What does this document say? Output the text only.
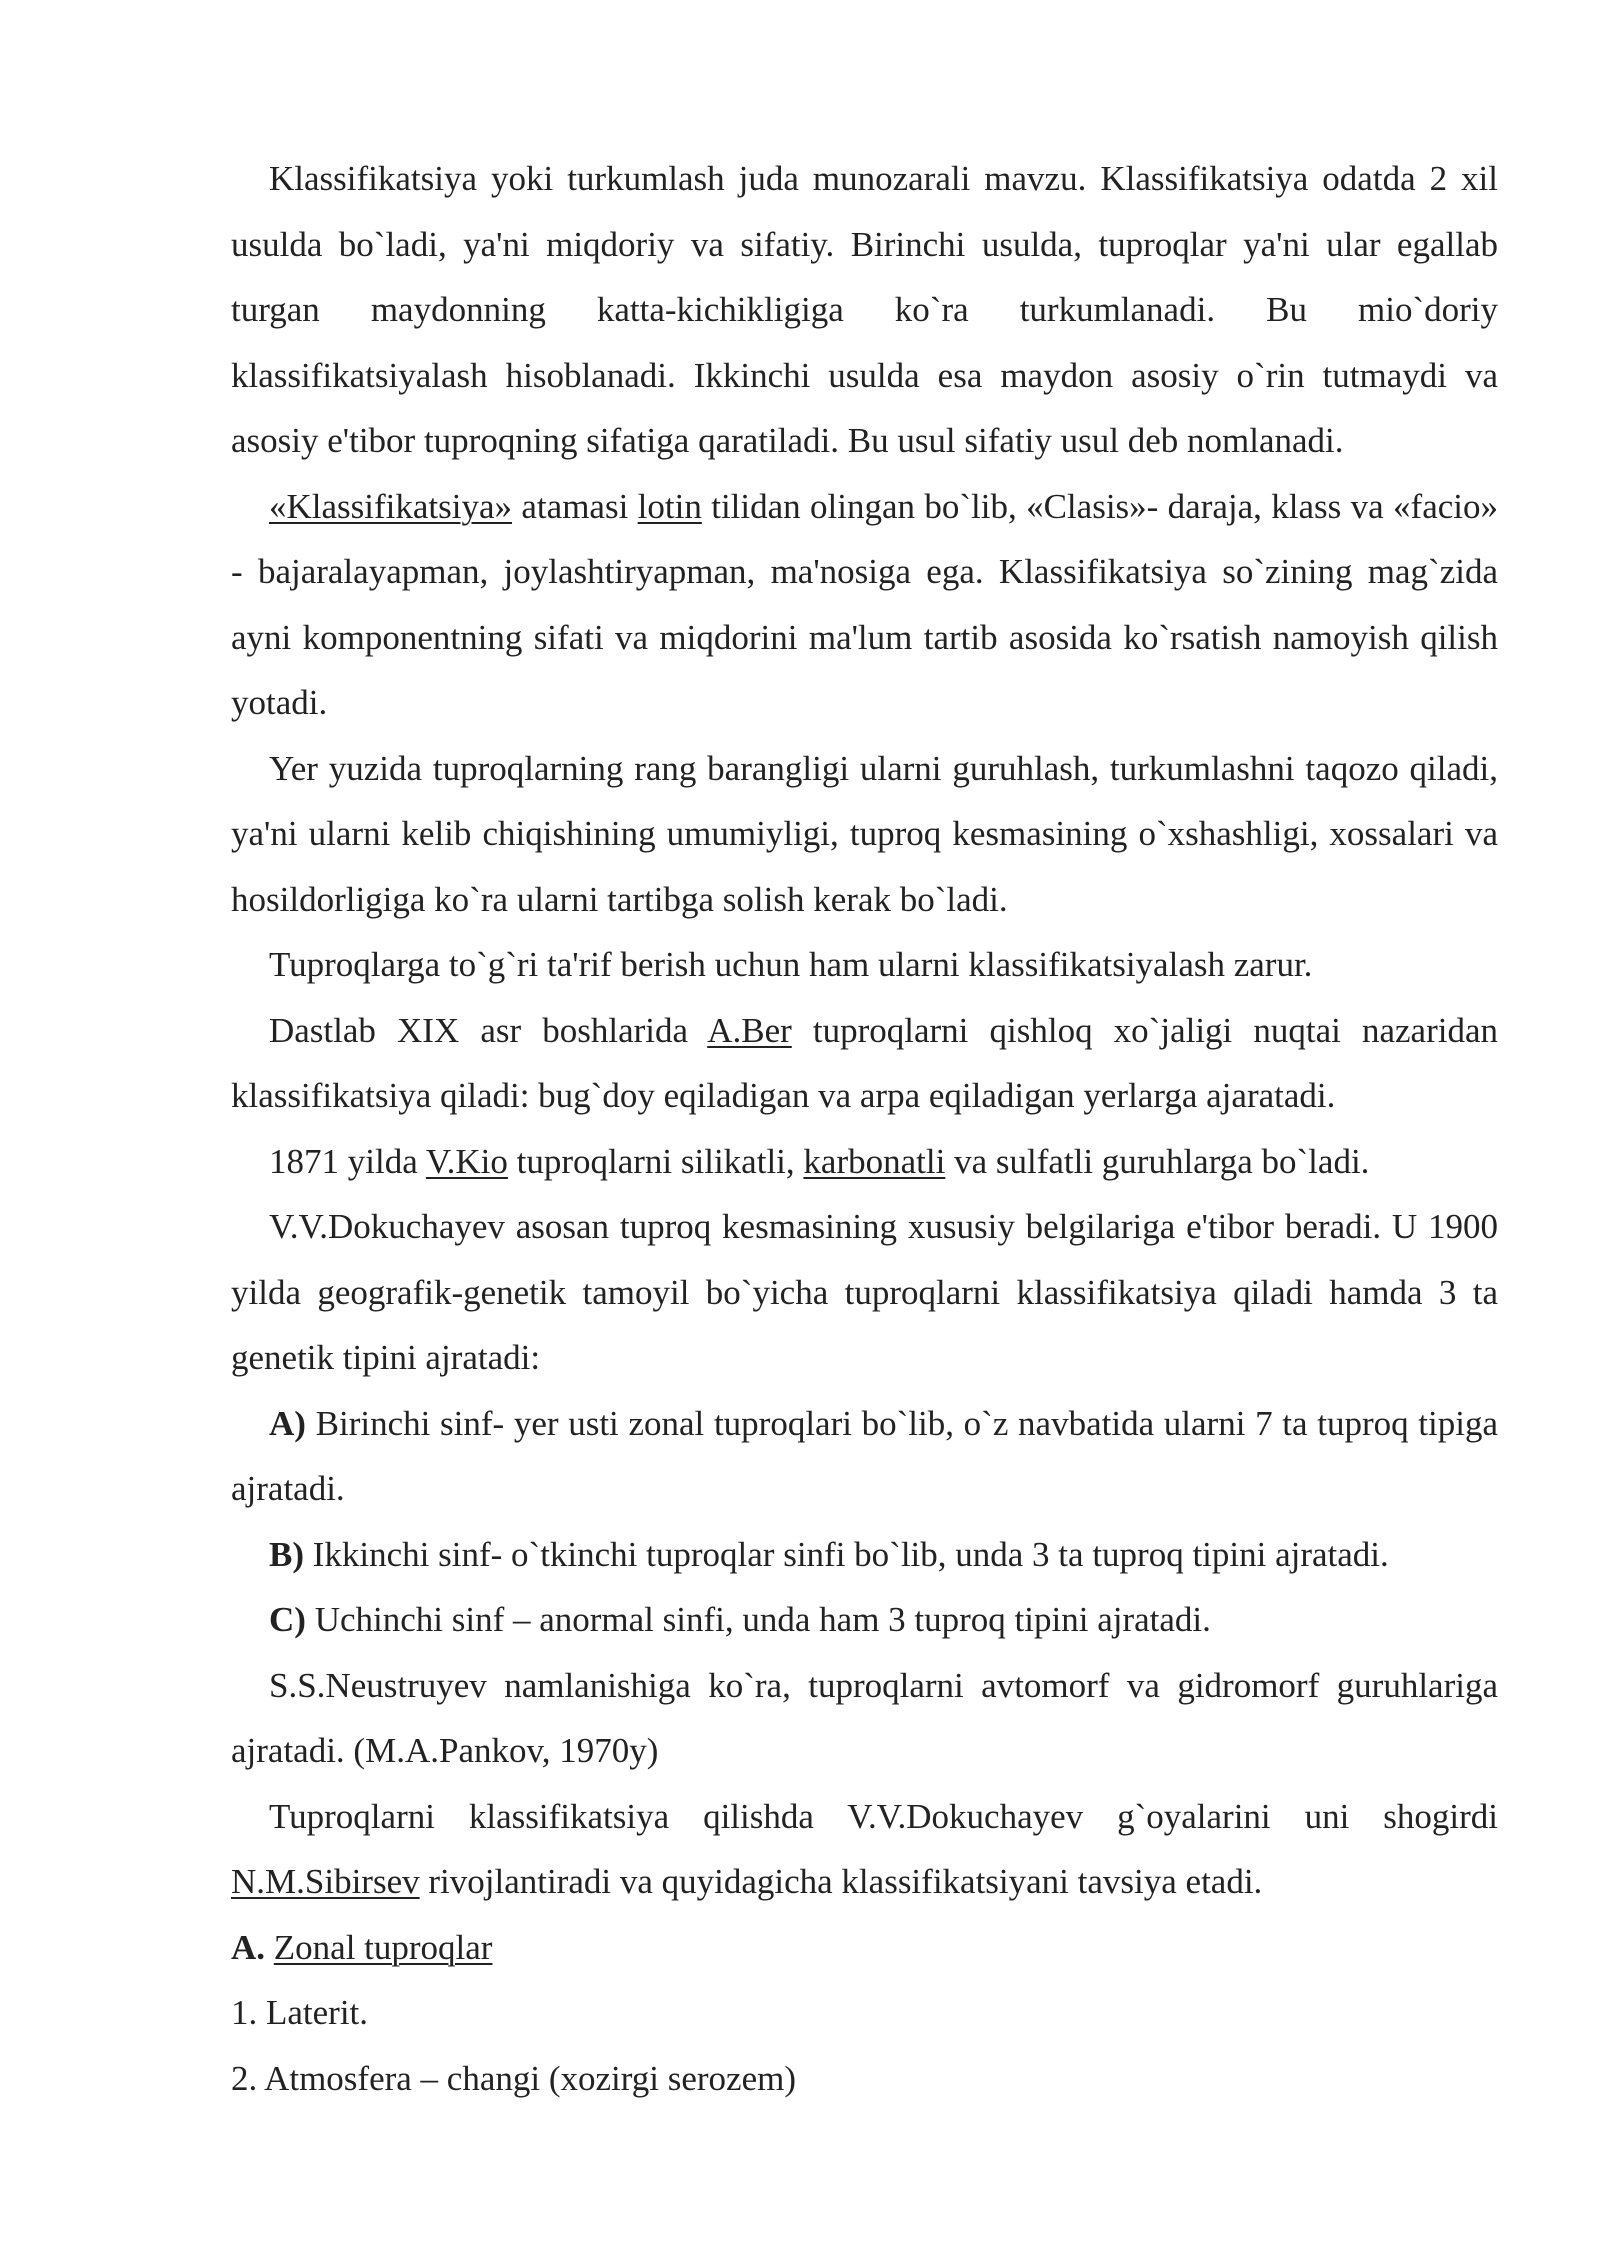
Klassifikatsiya yoki turkumlash juda munozarali mavzu. Klassifikatsiya odatda 2 xil usulda bo`ladi, ya'ni miqdoriy va sifatiy. Birinchi usulda, tuproqlar ya'ni ular egallab turgan maydonning katta-kichikligiga ko`ra turkumlanadi. Bu mio`doriy klassifikatsiyalash hisoblanadi. Ikkinchi usulda esa maydon asosiy o`rin tutmaydi va asosiy e'tibor tuproqning sifatiga qaratiladi. Bu usul sifatiy usul deb nomlanadi.

«Klassifikatsiya» atamasi lotin tilidan olingan bo`lib, «Clasis»- daraja, klass va «facio» - bajaralayapman, joylashtiryapman, ma'nosiga ega. Klassifikatsiya so`zining mag`zida ayni komponentning sifati va miqdorini ma'lum tartib asosida ko`rsatish namoyish qilish yotadi.

Yer yuzida tuproqlarning rang barangligi ularni guruhlash, turkumlashni taqozo qiladi, ya'ni ularni kelib chiqishining umumiyligi, tuproq kesmasining o`xshashligi, xossalari va hosildorligiga ko`ra ularni tartibga solish kerak bo`ladi.

Tuproqlarga to`g`ri ta'rif berish uchun ham ularni klassifikatsiyalash zarur.

Dastlab XIX asr boshlarida A.Ber tuproqlarni qishloq xo`jaligi nuqtai nazaridan klassifikatsiya qiladi: bug`doy eqiladigan va arpa eqiladigan yerlarga ajaratadi.

1871 yilda V.Kio tuproqlarni silikatli, karbonatli va sulfatli guruhlarga bo`ladi.

V.V.Dokuchayev asosan tuproq kesmasining xususiy belgilariga e'tibor beradi. U 1900 yilda geografik-genetik tamoyil bo`yicha tuproqlarni klassifikatsiya qiladi hamda 3 ta genetik tipini ajratadi:

A) Birinchi sinf- yer usti zonal tuproqlari bo`lib, o`z navbatida ularni 7 ta tuproq tipiga ajratadi.

B) Ikkinchi sinf- o`tkinchi tuproqlar sinfi bo`lib, unda 3 ta tuproq tipini ajratadi.

C) Uchinchi sinf – anormal sinfi, unda ham 3 tuproq tipini ajratadi.

S.S.Neustruyev namlanishiga ko`ra, tuproqlarni avtomorf va gidromorf guruhlariga ajratadi. (M.A.Pankov, 1970y)

Tuproqlarni klassifikatsiya qilishda V.V.Dokuchayev g`oyalarini uni shogirdi N.M.Sibirsev rivojlantiradi va quyidagicha klassifikatsiyani tavsiya etadi.

A. Zonal tuproqlar

1. Laterit.

2. Atmosfera – changi (xozirgi serozem)
